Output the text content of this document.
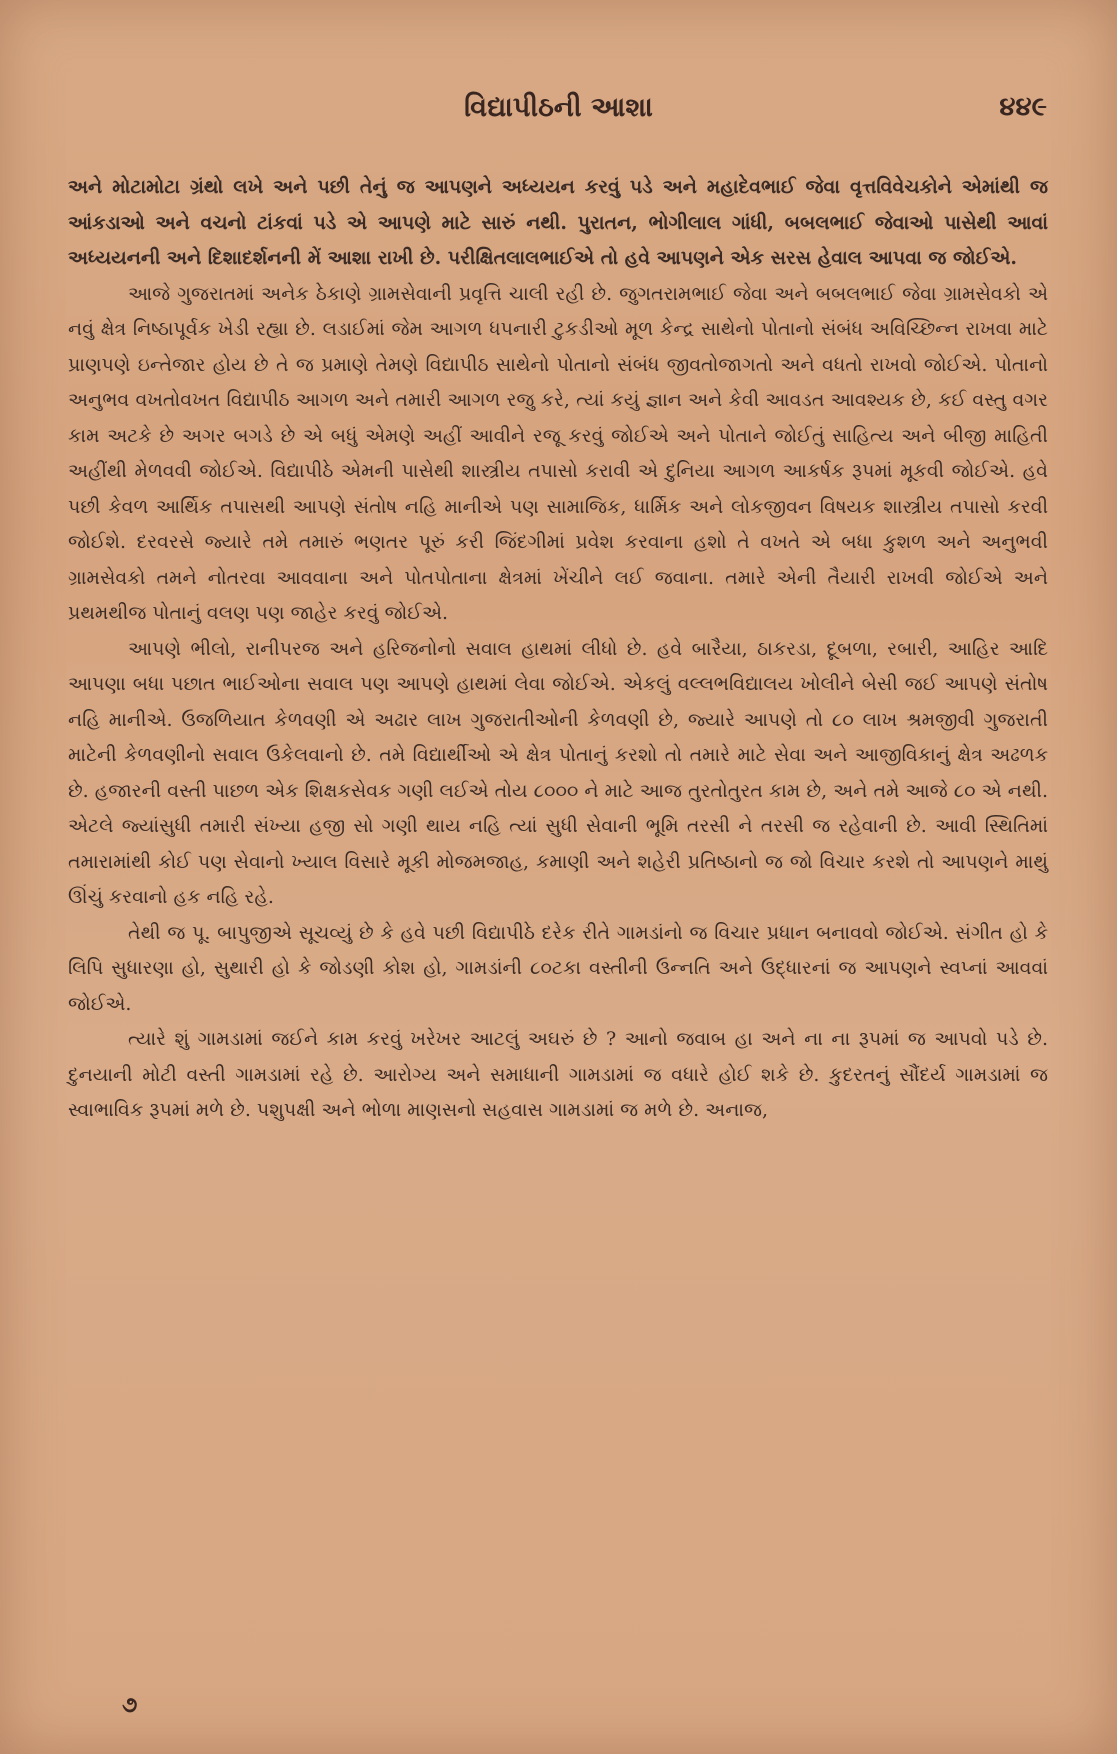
વિદ્યાપીઠની આશા	૪૪૯

અને મોટામોટા ગ્રંથો લખે અને પછી તેનું જ આપણને અધ્યયન કરવું પડે અને મહાદેવભાઈ જેવા વૃત્તવિવેચકોને એમાંથી જ આંકડાઓ અને વચનો ટાંકવાં પડે એ આપણે માટે સારું નથી. પુરાતન, ભોગીલાલ ગાંધી, બબલભાઈ જેવાઓ પાસેથી આવાં અધ્યયનની અને દિશાદર્શનની મેં આશા રાખી છે. પરીક્ષિતલાલભાઈએ તો હવે આપણને એક સરસ હેવાલ આપવા જ જોઈએ.

આજે ગુજરાતમાં અનેક ઠેકાણે ગ્રામસેવાની પ્રવૃત્તિ ચાલી રહી છે. જુગતરામભાઈ જેવા અને બબલભાઈ જેવા ગ્રામસેવકો એ નવું ક્ષેત્ર નિષ્ઠાપૂર્વક ખેડી રહ્યા છે. લડાઈમાં જેમ આગળ ધપનારી ટુકડીઓ મૂળ કેન્દ્ર સાથેનો પોતાનો સંબંધ અવિચ્છિન્ન રાખવા માટે પ્રાણપણે ઇન્તેજાર હોય છે તે જ પ્રમાણે તેમણે વિદ્યાપીઠ સાથેનો પોતાનો સંબંધ જીવતોજાગતો અને વધતો રાખવો જોઈએ. પોતાનો અનુભવ વખતોવખત વિદ્યાપીઠ આગળ અને તમારી આગળ રજુ કરે, ત્યાં કયું જ્ઞાન અને કેવી આવડત આવશ્યક છે, કઈ વસ્તુ વગર કામ અટકે છે અગર બગડે છે એ બધું એમણે અહીં આવીને રજૂ કરવું જોઈએ અને પોતાને જોઈતું સાહિત્ય અને બીજી માહિતી અહીંથી મેળવવી જોઈએ. વિદ્યાપીઠે એમની પાસેથી શાસ્ત્રીય તપાસો કરાવી એ દુનિયા આગળ આકર્ષક રૂપમાં મૂકવી જોઈએ. હવે પછી કેવળ આર્થિક તપાસથી આપણે સંતોષ નહિ માનીએ પણ સામાજિક, ધાર્મિક અને લોકજીવન વિષયક શાસ્ત્રીય તપાસો કરવી જોઈશે. દરવરસે જ્યારે તમે તમારું ભણતર પૂરું કરી જિંદગીમાં પ્રવેશ કરવાના હશો તે વખતે એ બધા કુશળ અને અનુભવી ગ્રામસેવકો તમને નોતરવા આવવાના અને પોતપોતાના ક્ષેત્રમાં ખેંચીને લઈ જવાના. તમારે એની તૈયારી રાખવી જોઈએ અને પ્રથમથીજ પોતાનું વલણ પણ જાહેર કરવું જોઈએ.

આપણે ભીલો, રાનીપરજ અને હરિજનોનો સવાલ હાથમાં લીધો છે. હવે બારૈયા, ઠાકરડા, દૂબળા, રબારી, આહિર આદિ આપણા બધા પછાત ભાઈઓના સવાલ પણ આપણે હાથમાં લેવા જોઈએ. એકલું વલ્લભવિદ્યાલય ખોલીને બેસી જઈ આપણે સંતોષ નહિ માનીએ. ઉજળિયાત કેળવણી એ અઢાર લાખ ગુજરાતીઓની કેળવણી છે, જ્યારે આપણે તો ૮૦ લાખ શ્રમજીવી ગુજરાતી માટેની કેળવણીનો સવાલ ઉકેલવાનો છે. તમે વિદ્યાર્થીઓ એ ક્ષેત્ર પોતાનું કરશો તો તમારે માટે સેવા અને આજીવિકાનું ક્ષેત્ર અઢળક છે. હજારની વસ્તી પાછળ એક શિક્ષકસેવક ગણી લઈએ તોય ૮૦૦૦ ને માટે આજ તુરતોતુરત કામ છે, અને તમે આજે ૮૦ એ નથી. એટલે જ્યાંસુધી તમારી સંખ્યા હજી સો ગણી થાય નહિ ત્યાં સુધી સેવાની ભૂમિ તરસી ને તરસી જ રહેવાની છે. આવી સ્થિતિમાં તમારામાંથી કોઈ પણ સેવાનો ખ્યાલ વિસારે મૂકી મોજમજાહ, કમાણી અને શહેરી પ્રતિષ્ઠાનો જ જો વિચાર કરશે તો આપણને માથું ઊંચું કરવાનો હક નહિ રહે.

તેથી જ પૂ. બાપુજીએ સૂચવ્યું છે કે હવે પછી વિદ્યાપીઠે દરેક રીતે ગામડાંનો જ વિચાર પ્રધાન બનાવવો જોઈએ. સંગીત હો કે લિપિ સુધારણા હો, સુથારી હો કે જોડણી કોશ હો, ગામડાંની ૮૦ટકા વસ્તીની ઉન્નતિ અને ઉદ્ધારનાં જ આપણને સ્વપ્નાં આવવાં જોઈએ.

ત્યારે શું ગામડામાં જઈને કામ કરવું ખરેખર આટલું અઘરું છે ? આનો જવાબ હા અને ના ના રૂપમાં જ આપવો પડે છે. દુનયાની મોટી વસ્તી ગામડામાં રહે છે. આરોગ્ય અને સમાધાની ગામડામાં જ વધારે હોઈ શકે છે. કુદરતનું સૌંદર્ય ગામડામાં જ સ્વાભાવિક રૂપમાં મળે છે. પશુપક્ષી અને ભોળા માણસનો સહવાસ ગામડામાં જ મળે છે. અનાજ,

૭
